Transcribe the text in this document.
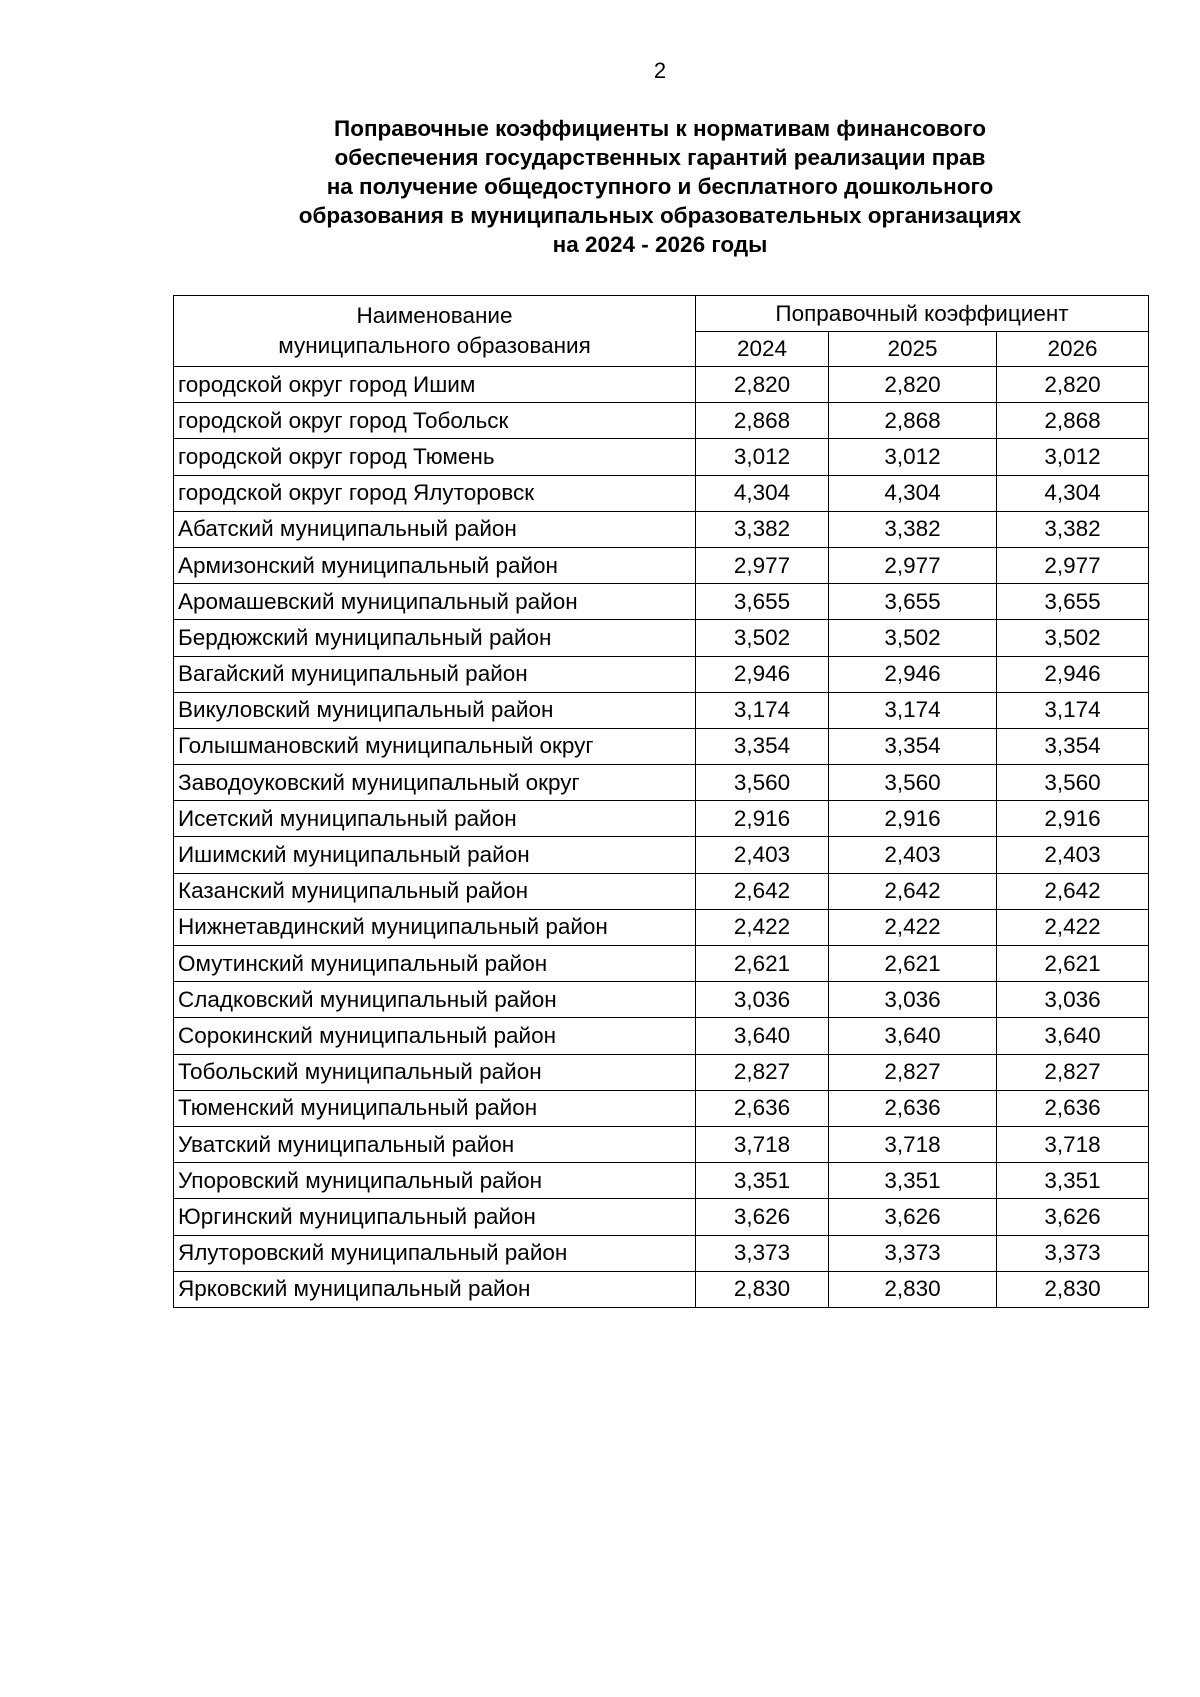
2
Поправочные коэффициенты к нормативам финансового
обеспечения государственных гарантий реализации прав
на получение общедоступного и бесплатного дошкольного
образования в муниципальных образовательных организациях
на 2024 - 2026 годы
Наименование
муниципального образования	Поправочный коэффициент		
	2024	2025	2026
городской округ город Ишим	2,820	2,820	2,820
городской округ город Тобольск	2,868	2,868	2,868
городской округ город Тюмень	3,012	3,012	3,012
городской округ город Ялуторовск	4,304	4,304	4,304
Абатский муниципальный район	3,382	3,382	3,382
Армизонский муниципальный район	2,977	2,977	2,977
Аромашевский муниципальный район	3,655	3,655	3,655
Бердюжский муниципальный район	3,502	3,502	3,502
Вагайский муниципальный район	2,946	2,946	2,946
Викуловский муниципальный район	3,174	3,174	3,174
Голышмановский муниципальный округ	3,354	3,354	3,354
Заводоуковский муниципальный округ	3,560	3,560	3,560
Исетский муниципальный район	2,916	2,916	2,916
Ишимский муниципальный район	2,403	2,403	2,403
Казанский муниципальный район	2,642	2,642	2,642
Нижнетавдинский муниципальный район	2,422	2,422	2,422
Омутинский муниципальный район	2,621	2,621	2,621
Сладковский муниципальный район	3,036	3,036	3,036
Сорокинский муниципальный район	3,640	3,640	3,640
Тобольский муниципальный район	2,827	2,827	2,827
Тюменский муниципальный район	2,636	2,636	2,636
Уватский муниципальный район	3,718	3,718	3,718
Упоровский муниципальный район	3,351	3,351	3,351
Юргинский муниципальный район	3,626	3,626	3,626
Ялуторовский муниципальный район	3,373	3,373	3,373
Ярковский муниципальный район	2,830	2,830	2,830
